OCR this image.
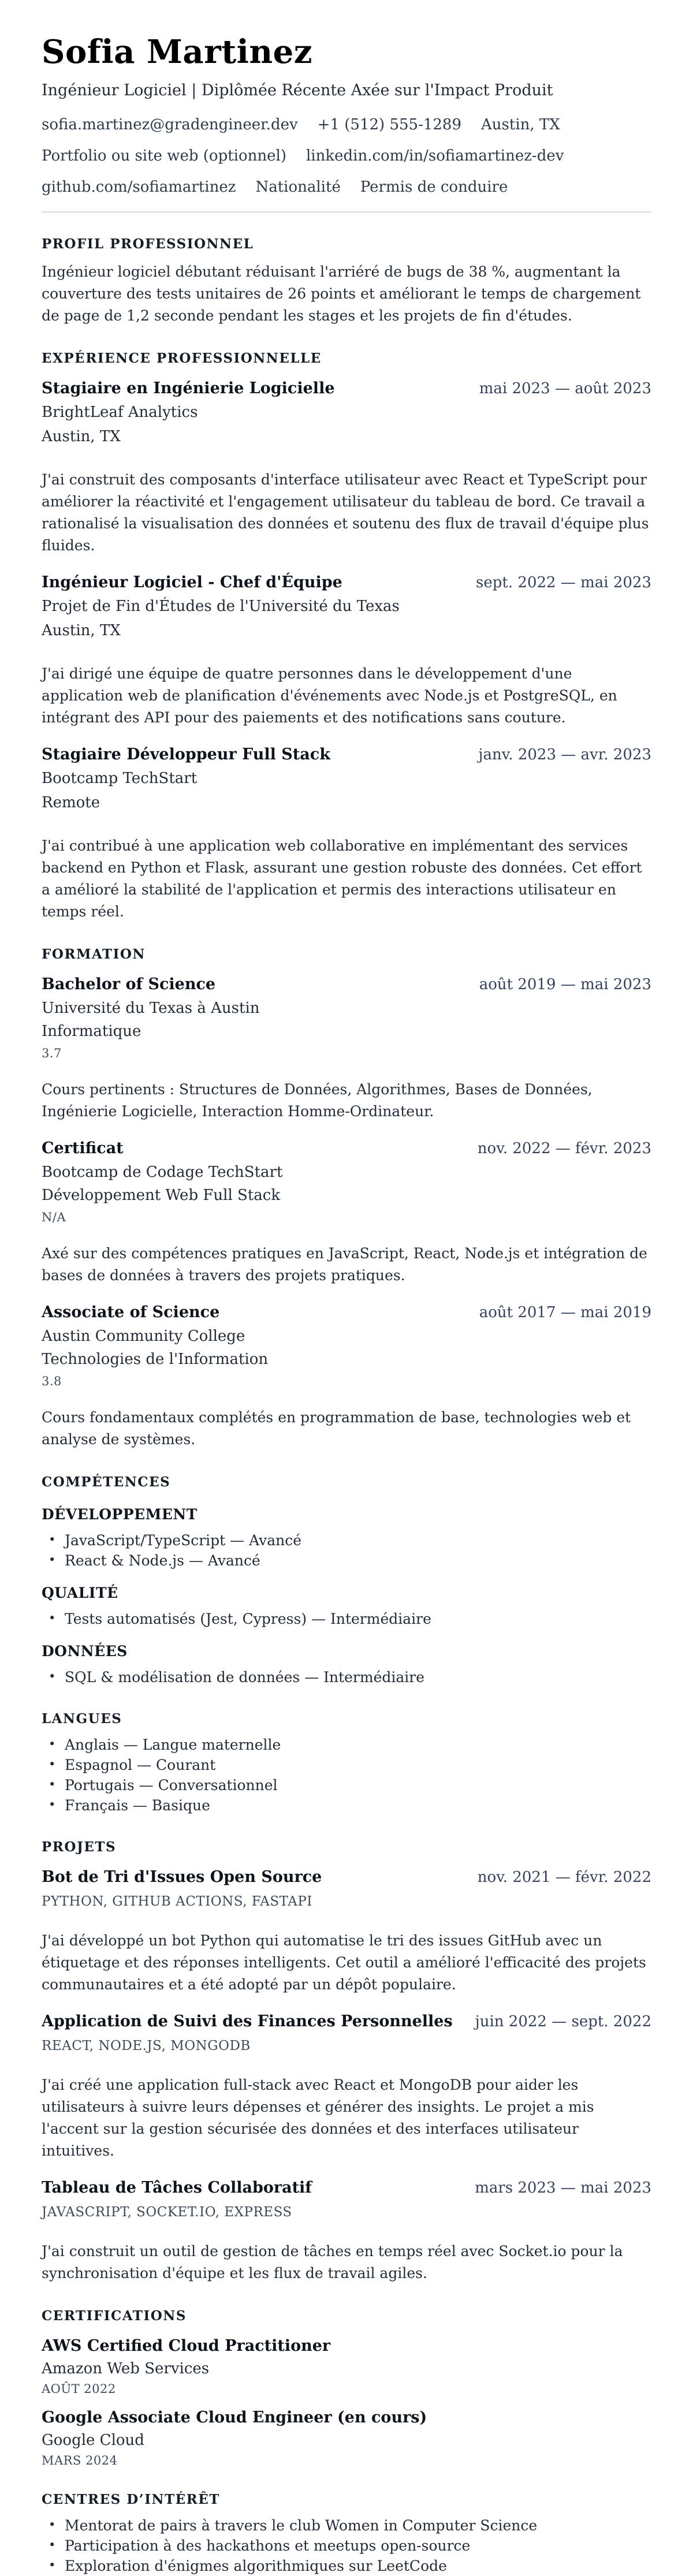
Sofia Martinez
Ingénieur Logiciel | Diplômée Récente Axée sur l'Impact Produit
sofia.martinez@gradengineer.dev +1 (512) 555-1289 Austin, TX
Portfolio ou site web (optionnel) linkedin.com/in/sofiamartinez-dev
github.com/sofiamartinez Nationalité Permis de conduire
PROFIL PROFESSIONNEL

Ingénieur logiciel débutant réduisant l'arriéré de bugs de 38 %, augmentant la couverture des tests unitaires de 26 points et améliorant le temps de chargement de page de 1,2 seconde pendant les stages et les projets de fin d'études.

EXPÉRIENCE PROFESSIONNELLE
Stagiaire en Ingénierie Logicielle	mai 2023 — août 2023
BrightLeaf Analytics
Austin, TX

J'ai construit des composants d'interface utilisateur avec React et TypeScript pour améliorer la réactivité et l'engagement utilisateur du tableau de bord. Ce travail a rationalisé la visualisation des données et soutenu des flux de travail d'équipe plus fluides.

Ingénieur Logiciel - Chef d'Équipe	sept. 2022 — mai 2023
Projet de Fin d'Études de l'Université du Texas
Austin, TX

J'ai dirigé une équipe de quatre personnes dans le développement d'une application web de planification d'événements avec Node.js et PostgreSQL, en intégrant des API pour des paiements et des notifications sans couture.

Stagiaire Développeur Full Stack	janv. 2023 — avr. 2023
Bootcamp TechStart
Remote

J'ai contribué à une application web collaborative en implémentant des services backend en Python et Flask, assurant une gestion robuste des données. Cet effort a amélioré la stabilité de l'application et permis des interactions utilisateur en temps réel.

FORMATION
Bachelor of Science	août 2019 — mai 2023
Université du Texas à Austin
Informatique
3.7

Cours pertinents : Structures de Données, Algorithmes, Bases de Données, Ingénierie Logicielle, Interaction Homme-Ordinateur.

Certificat	nov. 2022 — févr. 2023
Bootcamp de Codage TechStart
Développement Web Full Stack
N/A

Axé sur des compétences pratiques en JavaScript, React, Node.js et intégration de bases de données à travers des projets pratiques.

Associate of Science	août 2017 — mai 2019
Austin Community College
Technologies de l'Information
3.8

Cours fondamentaux complétés en programmation de base, technologies web et analyse de systèmes.

COMPÉTENCES
DÉVELOPPEMENT
• JavaScript/TypeScript — Avancé
• React & Node.js — Avancé
QUALITÉ
• Tests automatisés (Jest, Cypress) — Intermédiaire
DONNÉES
• SQL & modélisation de données — Intermédiaire
LANGUES
• Anglais — Langue maternelle
• Espagnol — Courant
• Portugais — Conversationnel
• Français — Basique
PROJETS
Bot de Tri d'Issues Open Source	nov. 2021 — févr. 2022
PYTHON, GITHUB ACTIONS, FASTAPI

J'ai développé un bot Python qui automatise le tri des issues GitHub avec un étiquetage et des réponses intelligents. Cet outil a amélioré l'efficacité des projets communautaires et a été adopté par un dépôt populaire.

Application de Suivi des Finances Personnelles juin 2022 — sept. 2022
REACT, NODE.JS, MONGODB

J'ai créé une application full-stack avec React et MongoDB pour aider les utilisateurs à suivre leurs dépenses et générer des insights. Le projet a mis l'accent sur la gestion sécurisée des données et des interfaces utilisateur intuitives.

Tableau de Tâches Collaboratif	mars 2023 — mai 2023
JAVASCRIPT, SOCKET.IO, EXPRESS

J'ai construit un outil de gestion de tâches en temps réel avec Socket.io pour la synchronisation d'équipe et les flux de travail agiles.

CERTIFICATIONS
AWS Certified Cloud Practitioner
Amazon Web Services
AOÛT 2022
Google Associate Cloud Engineer (en cours)
Google Cloud
MARS 2024
CENTRES D’INTÉRÊT
• Mentorat de pairs à travers le club Women in Computer Science
• Participation à des hackathons et meetups open-source
• Exploration d'énigmes algorithmiques sur LeetCode
